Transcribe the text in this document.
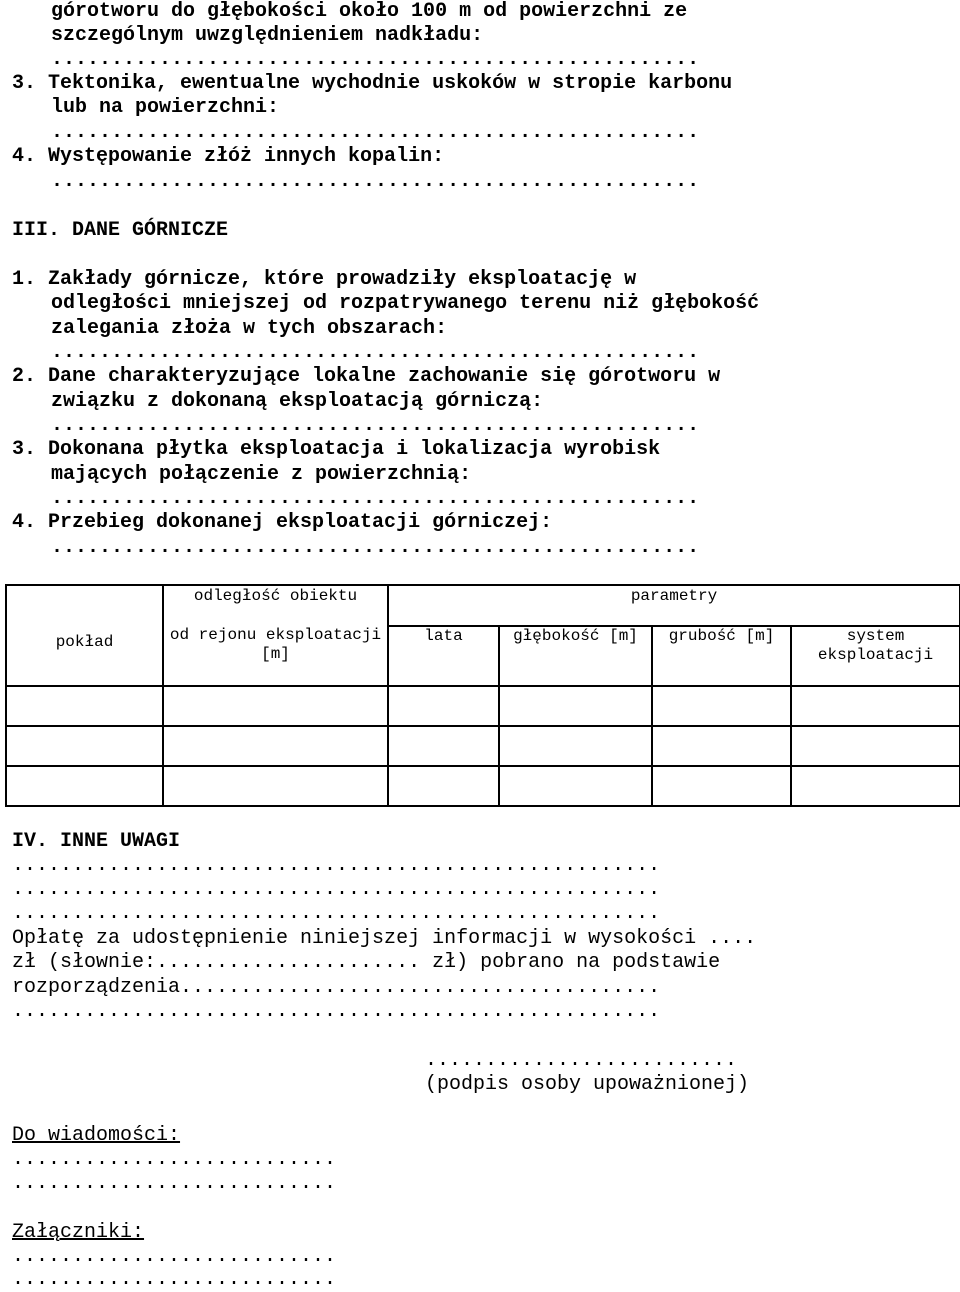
górotworu do głębokości około 100 m od powierzchni ze
szczególnym uwzględnieniem nadkładu:
......................................................
3. Tektonika, ewentualne wychodnie uskoków w stropie karbonu
lub na powierzchni:
......................................................
4. Występowanie złóż innych kopalin:
......................................................
III. DANE GÓRNICZE
1. Zakłady górnicze, które prowadziły eksploatację w
odległości mniejszej od rozpatrywanego terenu niż głębokość
zalegania złoża w tych obszarach:
......................................................
2. Dane charakteryzujące lokalne zachowanie się górotworu w
związku z dokonaną eksploatacją górniczą:
......................................................
3. Dokonana płytka eksploatacja i lokalizacja wyrobisk
mających połączenie z powierzchnią:
......................................................
4. Przebieg dokonanej eksploatacji górniczej:
......................................................
pokład	odległość obiektu	parametry			
	od rejonu eksploatacji [m]	lata	głębokość [m]	grubość [m]	system eksploatacji

IV. INNE UWAGI
......................................................
......................................................
......................................................
Opłatę za udostępnienie niniejszej informacji w wysokości ....
zł (słownie:...................... zł) pobrano na podstawie
rozporządzenia........................................
......................................................
..........................
(podpis osoby upoważnionej)
Do wiadomości:
...........................
...........................
Załączniki:
...........................
...........................
